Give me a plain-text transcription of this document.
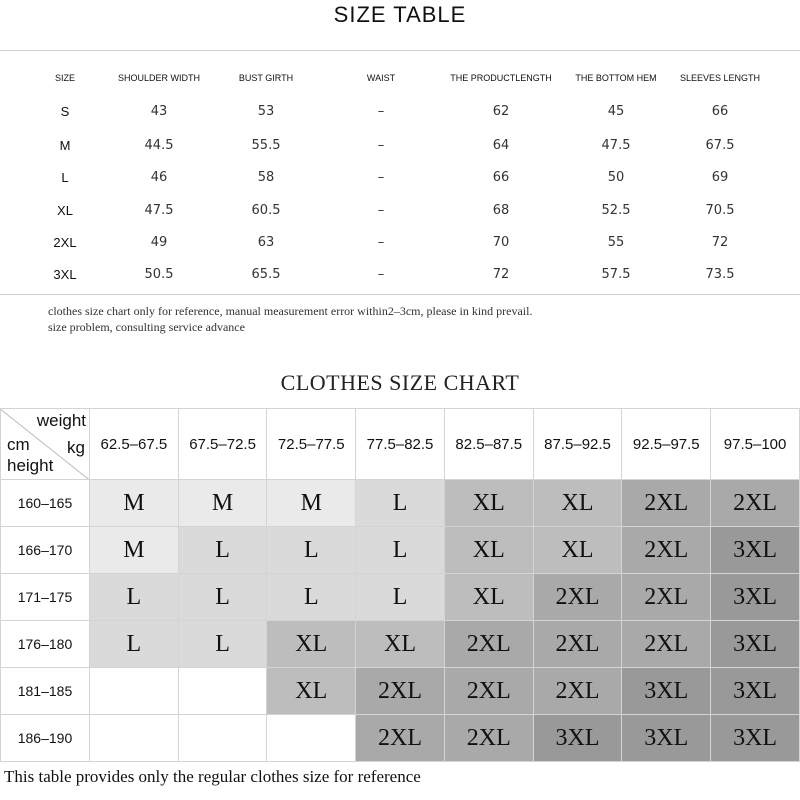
SIZE TABLE
SIZE	SHOULDER WIDTH	BUST GIRTH	WAIST	THE PRODUCTLENGTH	THE BOTTOM HEM	SLEEVES LENGTH
S	43	53	–	62	45	66
M	44.5	55.5	–	64	47.5	67.5
L	46	58	–	66	50	69
XL	47.5	60.5	–	68	52.5	70.5
2XL	49	63	–	70	55	72
3XL	50.5	65.5	–	72	57.5	73.5
clothes size chart only for reference, manual measurement error within2–3cm, please in kind prevail.
size problem, consulting service advance
CLOTHES SIZE CHART
weight
cm kg
height	62.5–67.5	67.5–72.5	72.5–77.5	77.5–82.5	82.5–87.5	87.5–92.5	92.5–97.5	97.5–100
160–165	M	M	M	L	XL	XL	2XL	2XL
166–170	M	L	L	L	XL	XL	2XL	3XL
171–175	L	L	L	L	XL	2XL	2XL	3XL
176–180	L	L	XL	XL	2XL	2XL	2XL	3XL
181–185			XL	2XL	2XL	2XL	3XL	3XL
186–190				2XL	2XL	3XL	3XL	3XL
This table provides only the regular clothes size for reference
